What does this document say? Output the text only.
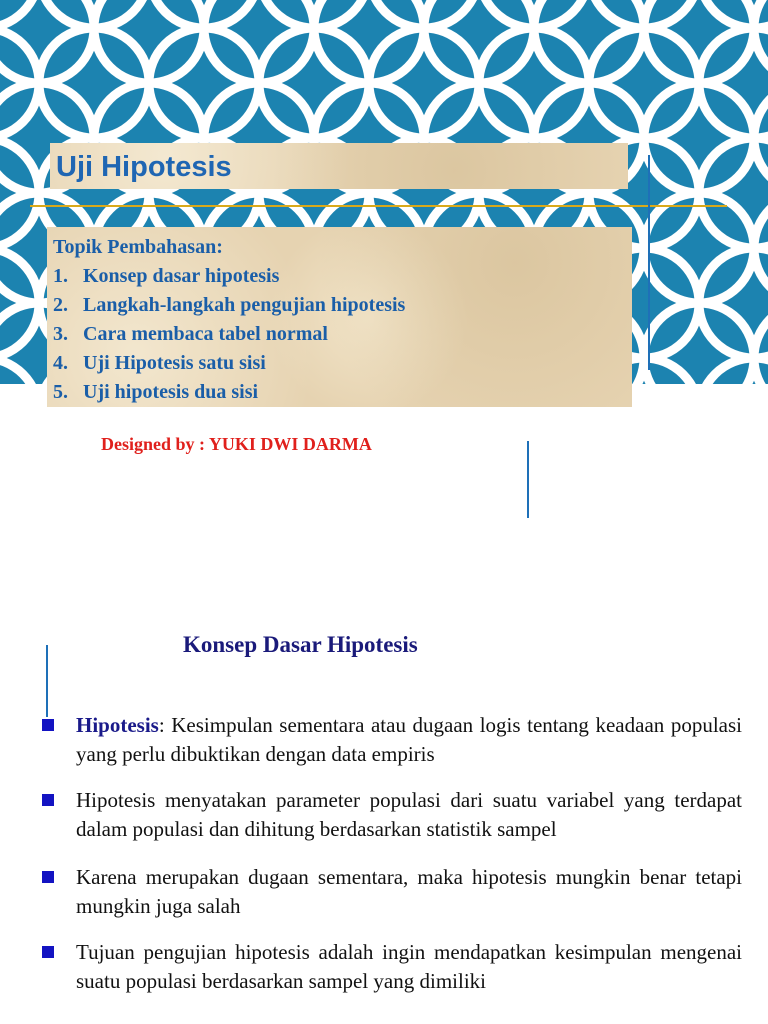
Uji Hipotesis
Topik Pembahasan:
1. Konsep dasar hipotesis
2. Langkah-langkah pengujian hipotesis
3. Cara membaca tabel normal
4. Uji Hipotesis satu sisi
5. Uji hipotesis dua sisi

Designed by : YUKI DWI DARMA

Konsep Dasar Hipotesis
Hipotesis: Kesimpulan sementara atau dugaan logis tentang keadaan populasi yang perlu dibuktikan dengan data empiris
Hipotesis menyatakan parameter populasi dari suatu variabel yang terdapat dalam populasi dan dihitung berdasarkan statistik sampel
Karena merupakan dugaan sementara, maka hipotesis mungkin benar tetapi mungkin juga salah
Tujuan pengujian hipotesis adalah ingin mendapatkan kesimpulan mengenai suatu populasi berdasarkan sampel yang dimiliki
